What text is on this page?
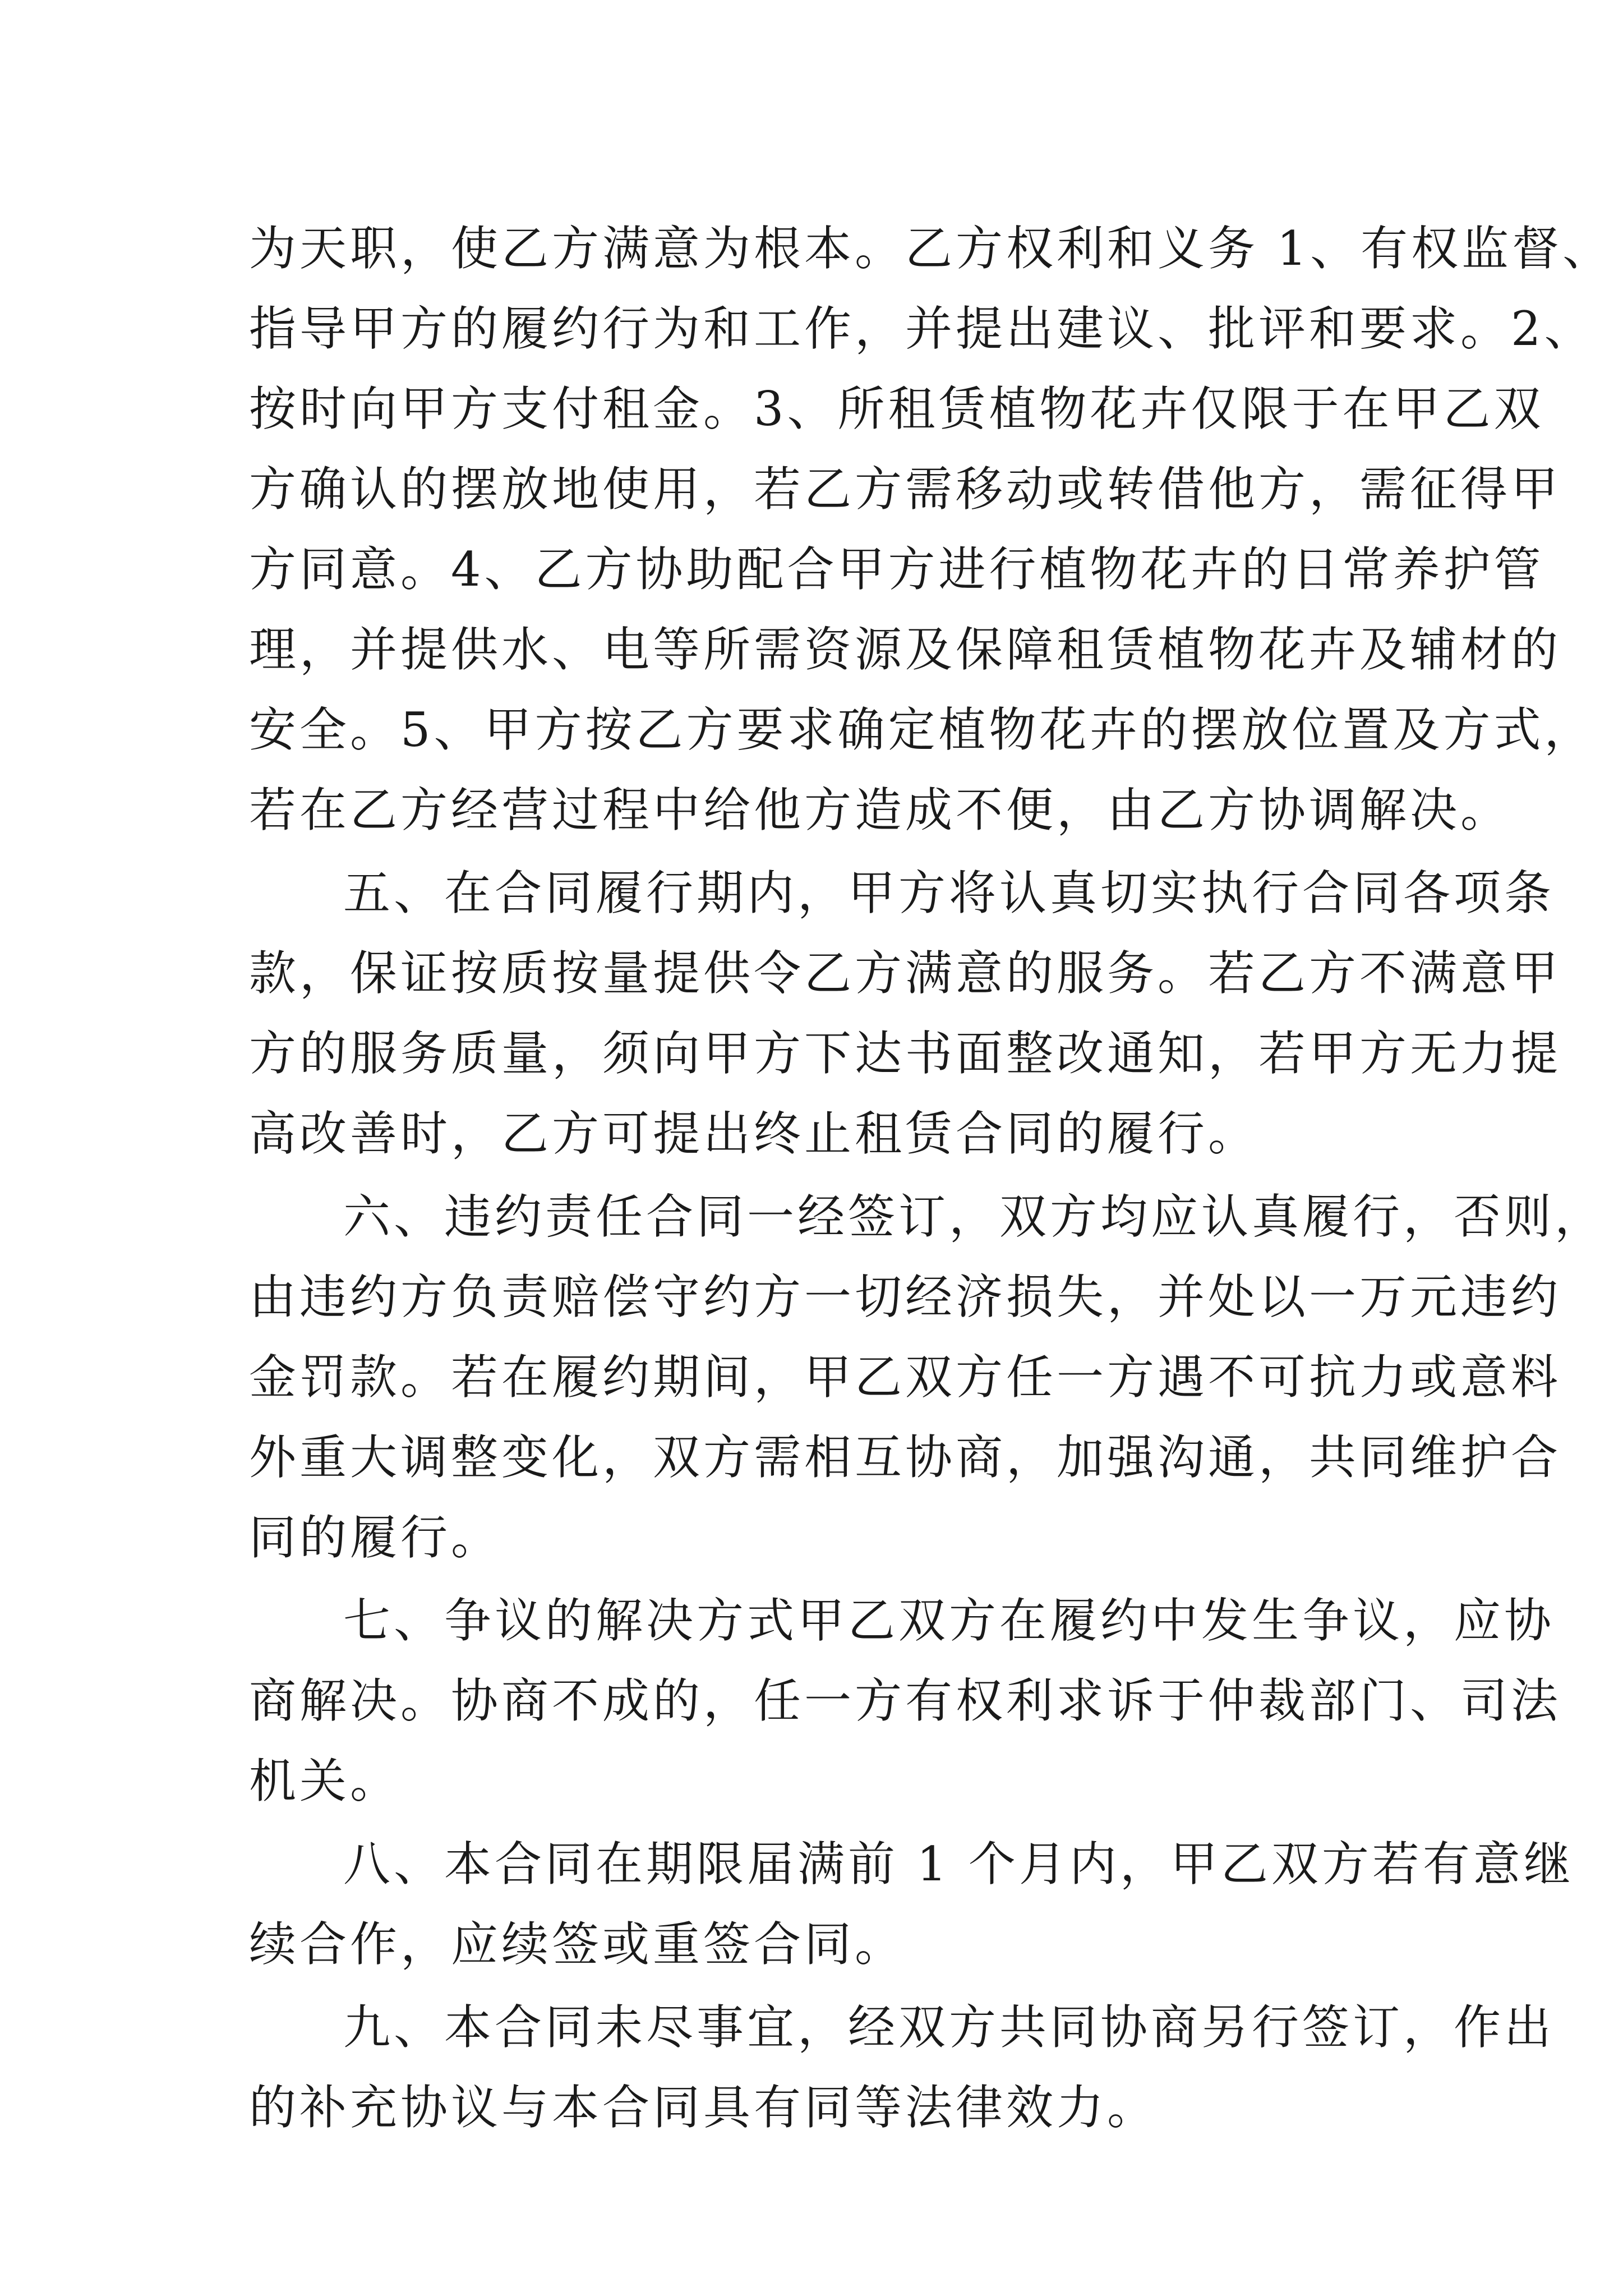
为天职，使乙方满意为根本。乙方权利和义务 1、有权监督、
指导甲方的履约行为和工作，并提出建议、批评和要求。2、
按时向甲方支付租金。3、所租赁植物花卉仅限于在甲乙双
方确认的摆放地使用，若乙方需移动或转借他方，需征得甲
方同意。4、乙方协助配合甲方进行植物花卉的日常养护管
理，并提供水、电等所需资源及保障租赁植物花卉及辅材的
安全。5、甲方按乙方要求确定植物花卉的摆放位置及方式，
若在乙方经营过程中给他方造成不便，由乙方协调解决。

五、在合同履行期内，甲方将认真切实执行合同各项条
款，保证按质按量提供令乙方满意的服务。若乙方不满意甲
方的服务质量，须向甲方下达书面整改通知，若甲方无力提
高改善时，乙方可提出终止租赁合同的履行。

六、违约责任合同一经签订，双方均应认真履行，否则，
由违约方负责赔偿守约方一切经济损失，并处以一万元违约
金罚款。若在履约期间，甲乙双方任一方遇不可抗力或意料
外重大调整变化，双方需相互协商，加强沟通，共同维护合
同的履行。

七、争议的解决方式甲乙双方在履约中发生争议，应协
商解决。协商不成的，任一方有权利求诉于仲裁部门、司法
机关。

八、本合同在期限届满前 1 个月内，甲乙双方若有意继
续合作，应续签或重签合同。

九、本合同未尽事宜，经双方共同协商另行签订，作出
的补充协议与本合同具有同等法律效力。
